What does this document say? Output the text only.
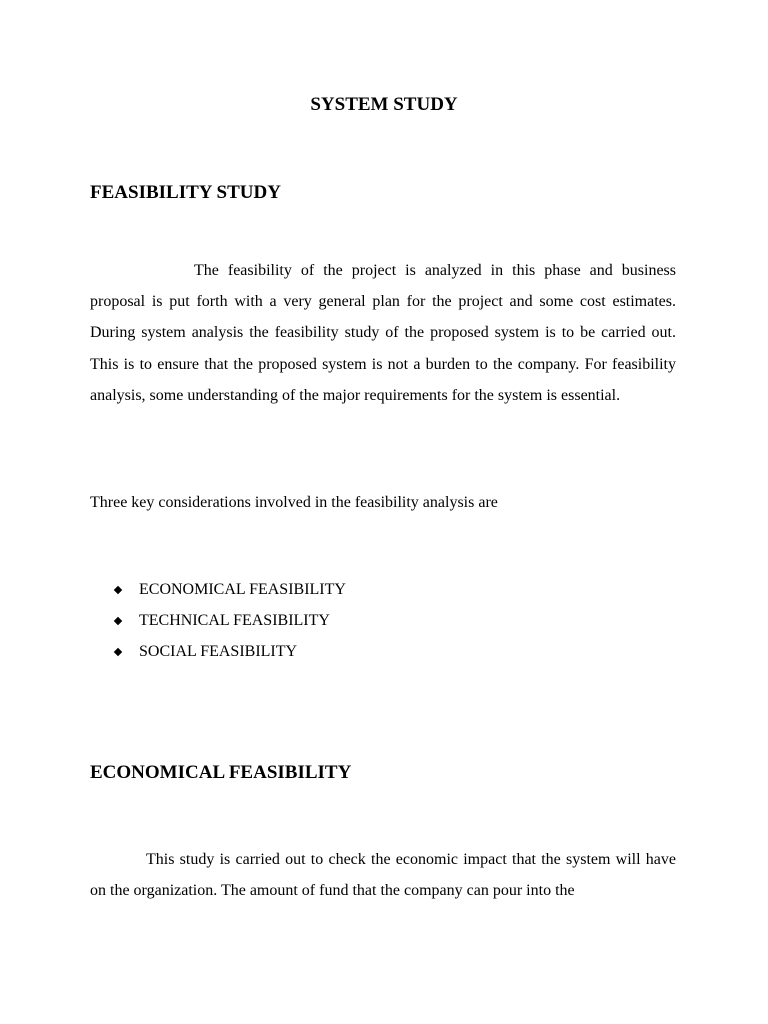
SYSTEM STUDY
FEASIBILITY STUDY

The feasibility of the project is analyzed in this phase and business proposal is put forth with a very general plan for the project and some cost estimates. During system analysis the feasibility study of the proposed system is to be carried out. This is to ensure that the proposed system is not a burden to the company. For feasibility analysis, some understanding of the major requirements for the system is essential.

Three key considerations involved in the feasibility analysis are

ECONOMICAL FEASIBILITY
TECHNICAL FEASIBILITY
SOCIAL FEASIBILITY
ECONOMICAL FEASIBILITY

This study is carried out to check the economic impact that the system will have on the organization. The amount of fund that the company can pour into the
